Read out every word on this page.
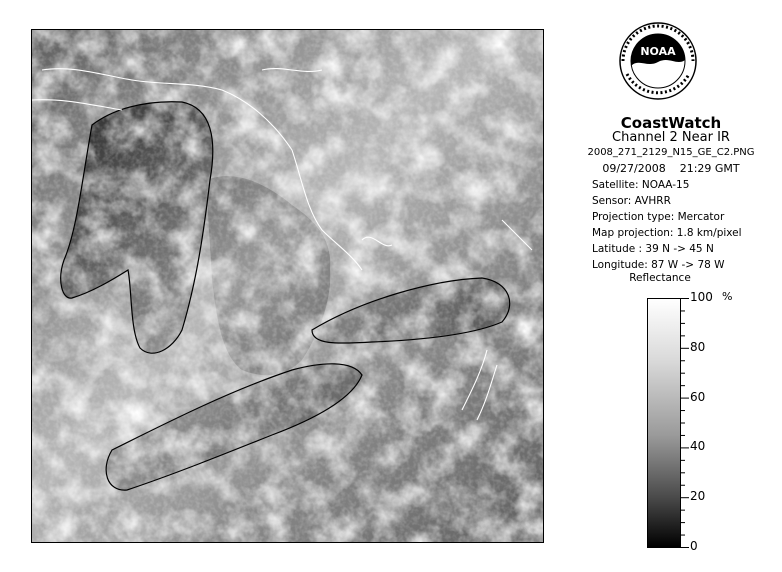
NOAA
CoastWatch
Channel 2 Near IR
2008_271_2129_N15_GE_C2.PNG
09/27/2008    21:29 GMT
Satellite: NOAA-15
Sensor: AVHRR
Projection type: Mercator
Map projection: 1.8 km/pixel
Latitude : 39 N -> 45 N
Longitude: 87 W -> 78 W
Reflectance
%
100
80
60
40
20
0
